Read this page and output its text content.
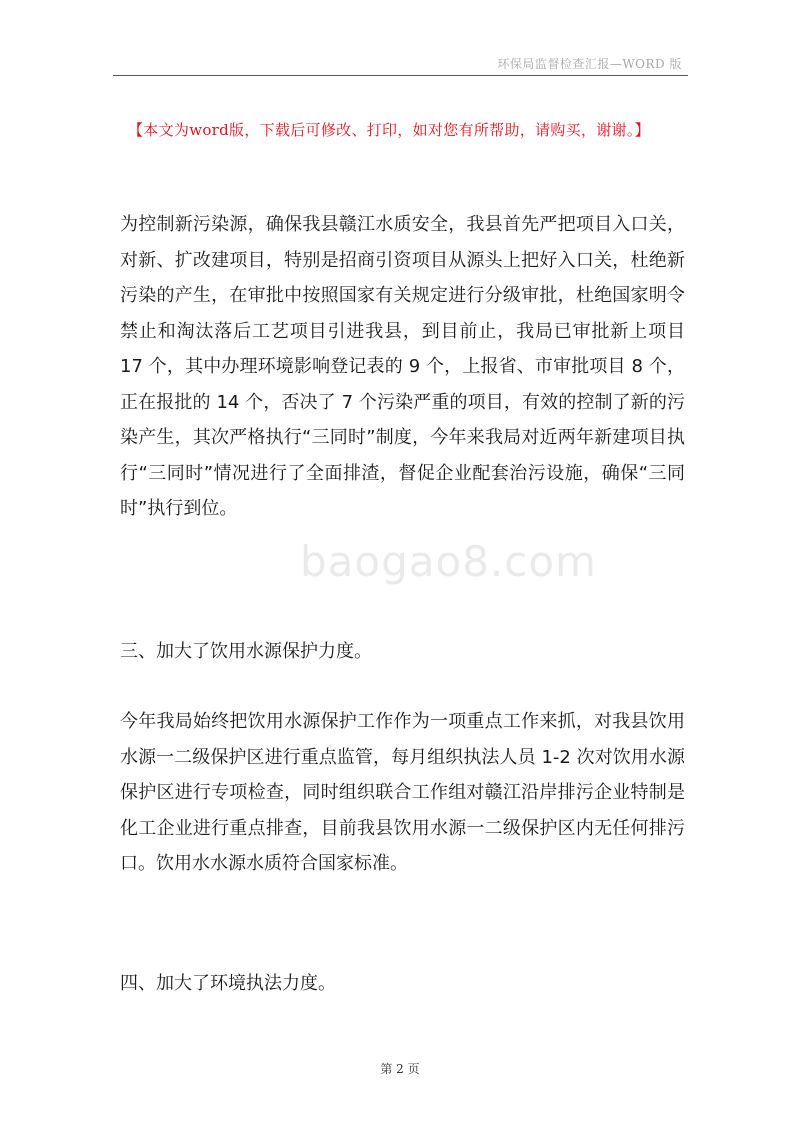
环保局监督检查汇报—WORD 版
【本文为word版，下载后可修改、打印，如对您有所帮助，请购买，谢谢。】

为控制新污染源，确保我县赣江水质安全，我县首先严把项目入口关，对新、扩改建项目，特别是招商引资项目从源头上把好入口关，杜绝新污染的产生，在审批中按照国家有关规定进行分级审批，杜绝国家明令禁止和淘汰落后工艺项目引进我县，到目前止，我局已审批新上项目 17 个，其中办理环境影响登记表的 9 个，上报省、市审批项目 8 个，正在报批的 14 个，否决了 7 个污染严重的项目，有效的控制了新的污染产生，其次严格执行“三同时”制度，今年来我局对近两年新建项目执行“三同时”情况进行了全面排渣，督促企业配套治污设施，确保“三同时”执行到位。

三、加大了饮用水源保护力度。

今年我局始终把饮用水源保护工作作为一项重点工作来抓，对我县饮用水源一二级保护区进行重点监管，每月组织执法人员 1-2 次对饮用水源保护区进行专项检查，同时组织联合工作组对赣江沿岸排污企业特制是化工企业进行重点排查，目前我县饮用水源一二级保护区内无任何排污口。饮用水水源水质符合国家标准。

四、加大了环境执法力度。

baogao8.com
第 2 页
